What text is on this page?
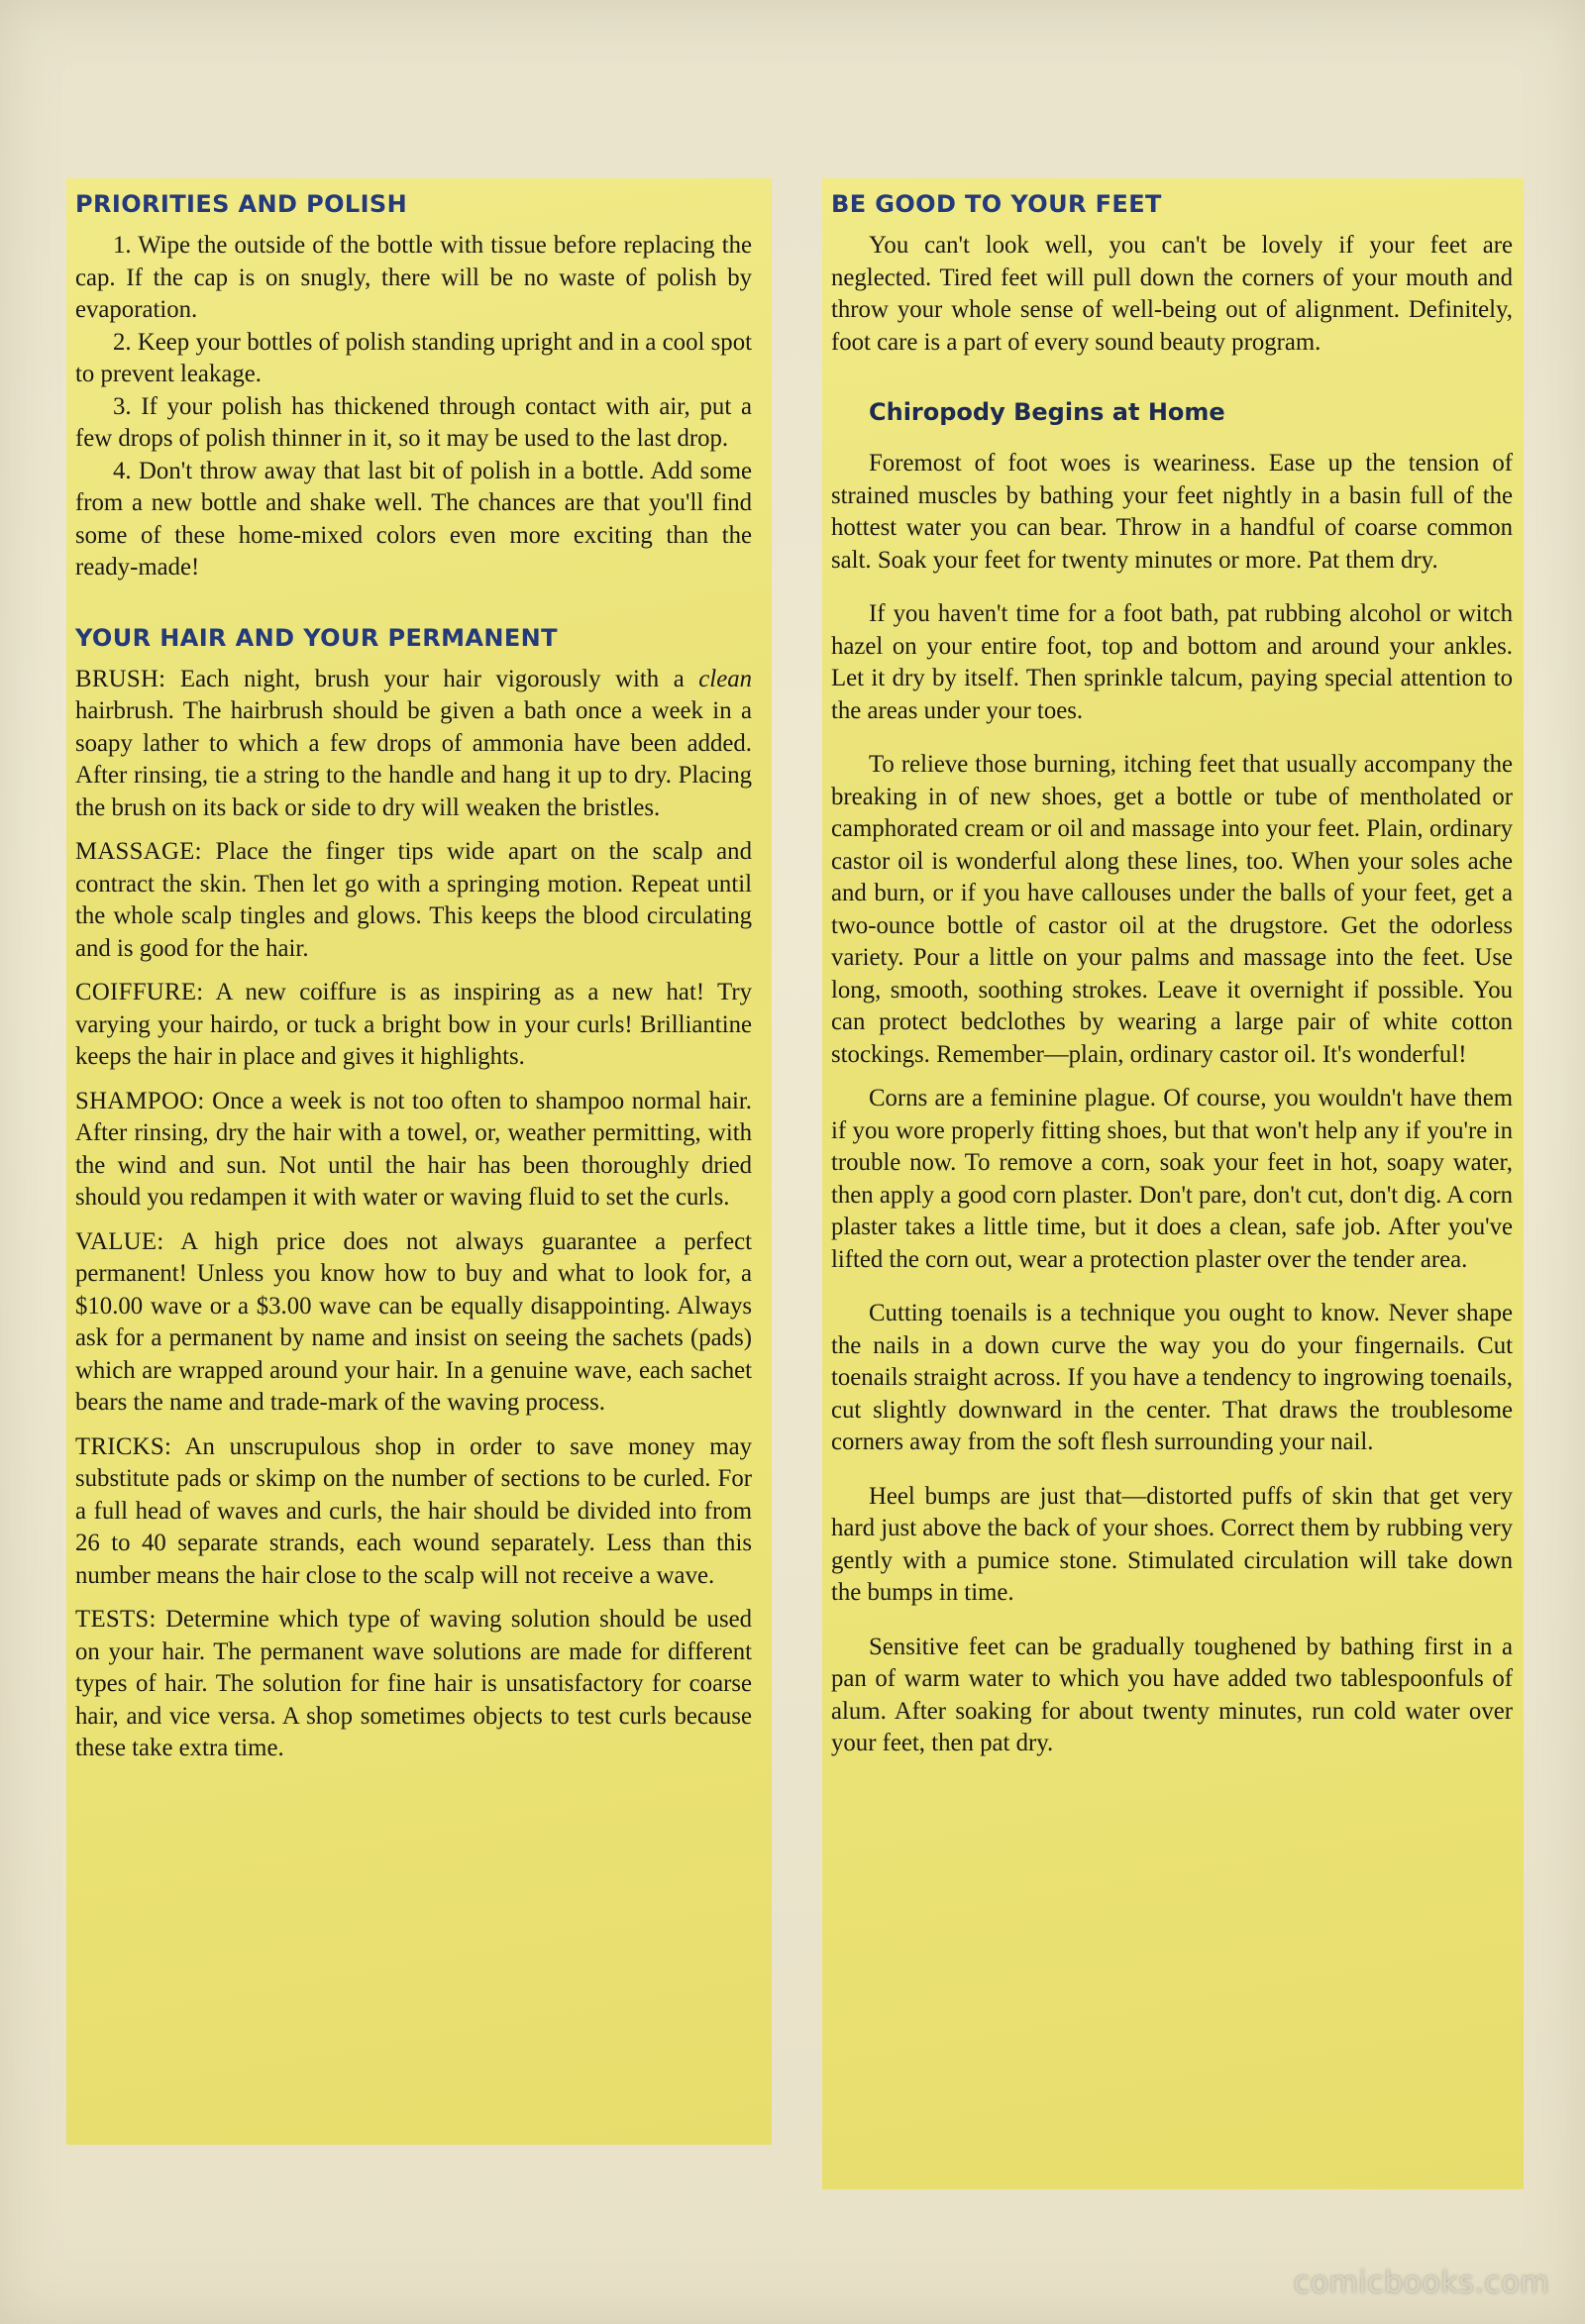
PRIORITIES AND POLISH

1. Wipe the outside of the bottle with tissue before replacing the cap. If the cap is on snugly, there will be no waste of polish by evaporation.

2. Keep your bottles of polish standing upright and in a cool spot to prevent leakage.

3. If your polish has thickened through contact with air, put a few drops of polish thinner in it, so it may be used to the last drop.

4. Don't throw away that last bit of polish in a bottle. Add some from a new bottle and shake well. The chances are that you'll find some of these home-mixed colors even more exciting than the ready-made!

YOUR HAIR AND YOUR PERMANENT

BRUSH: Each night, brush your hair vigorously with a clean hairbrush. The hairbrush should be given a bath once a week in a soapy lather to which a few drops of ammonia have been added. After rinsing, tie a string to the handle and hang it up to dry. Placing the brush on its back or side to dry will weaken the bristles.

MASSAGE: Place the finger tips wide apart on the scalp and contract the skin. Then let go with a springing motion. Repeat until the whole scalp tingles and glows. This keeps the blood circulating and is good for the hair.

COIFFURE: A new coiffure is as inspiring as a new hat! Try varying your hairdo, or tuck a bright bow in your curls! Brilliantine keeps the hair in place and gives it highlights.

SHAMPOO: Once a week is not too often to shampoo normal hair. After rinsing, dry the hair with a towel, or, weather permitting, with the wind and sun. Not until the hair has been thoroughly dried should you redampen it with water or waving fluid to set the curls.

VALUE: A high price does not always guarantee a perfect permanent! Unless you know how to buy and what to look for, a $10.00 wave or a $3.00 wave can be equally disappointing. Always ask for a permanent by name and insist on seeing the sachets (pads) which are wrapped around your hair. In a genuine wave, each sachet bears the name and trade-mark of the waving process.

TRICKS: An unscrupulous shop in order to save money may substitute pads or skimp on the number of sections to be curled. For a full head of waves and curls, the hair should be divided into from 26 to 40 separate strands, each wound separately. Less than this number means the hair close to the scalp will not receive a wave.

TESTS: Determine which type of waving solution should be used on your hair. The permanent wave solutions are made for different types of hair. The solution for fine hair is unsatisfactory for coarse hair, and vice versa. A shop sometimes objects to test curls because these take extra time.

BE GOOD TO YOUR FEET

You can't look well, you can't be lovely if your feet are neglected. Tired feet will pull down the corners of your mouth and throw your whole sense of well-being out of alignment. Definitely, foot care is a part of every sound beauty program.

Chiropody Begins at Home

Foremost of foot woes is weariness. Ease up the tension of strained muscles by bathing your feet nightly in a basin full of the hottest water you can bear. Throw in a handful of coarse common salt. Soak your feet for twenty minutes or more. Pat them dry.

If you haven't time for a foot bath, pat rubbing alcohol or witch hazel on your entire foot, top and bottom and around your ankles. Let it dry by itself. Then sprinkle talcum, paying special attention to the areas under your toes.

To relieve those burning, itching feet that usually accompany the breaking in of new shoes, get a bottle or tube of mentholated or camphorated cream or oil and massage into your feet. Plain, ordinary castor oil is wonderful along these lines, too. When your soles ache and burn, or if you have callouses under the balls of your feet, get a two-ounce bottle of castor oil at the drugstore. Get the odorless variety. Pour a little on your palms and massage into the feet. Use long, smooth, soothing strokes. Leave it overnight if possible. You can protect bedclothes by wearing a large pair of white cotton stockings. Remember—plain, ordinary castor oil. It's wonderful!

Corns are a feminine plague. Of course, you wouldn't have them if you wore properly fitting shoes, but that won't help any if you're in trouble now. To remove a corn, soak your feet in hot, soapy water, then apply a good corn plaster. Don't pare, don't cut, don't dig. A corn plaster takes a little time, but it does a clean, safe job. After you've lifted the corn out, wear a protection plaster over the tender area.

Cutting toenails is a technique you ought to know. Never shape the nails in a down curve the way you do your fingernails. Cut toenails straight across. If you have a tendency to ingrowing toenails, cut slightly downward in the center. That draws the troublesome corners away from the soft flesh surrounding your nail.

Heel bumps are just that—distorted puffs of skin that get very hard just above the back of your shoes. Correct them by rubbing very gently with a pumice stone. Stimulated circulation will take down the bumps in time.

Sensitive feet can be gradually toughened by bathing first in a pan of warm water to which you have added two tablespoonfuls of alum. After soaking for about twenty minutes, run cold water over your feet, then pat dry.

comicbooks.com
